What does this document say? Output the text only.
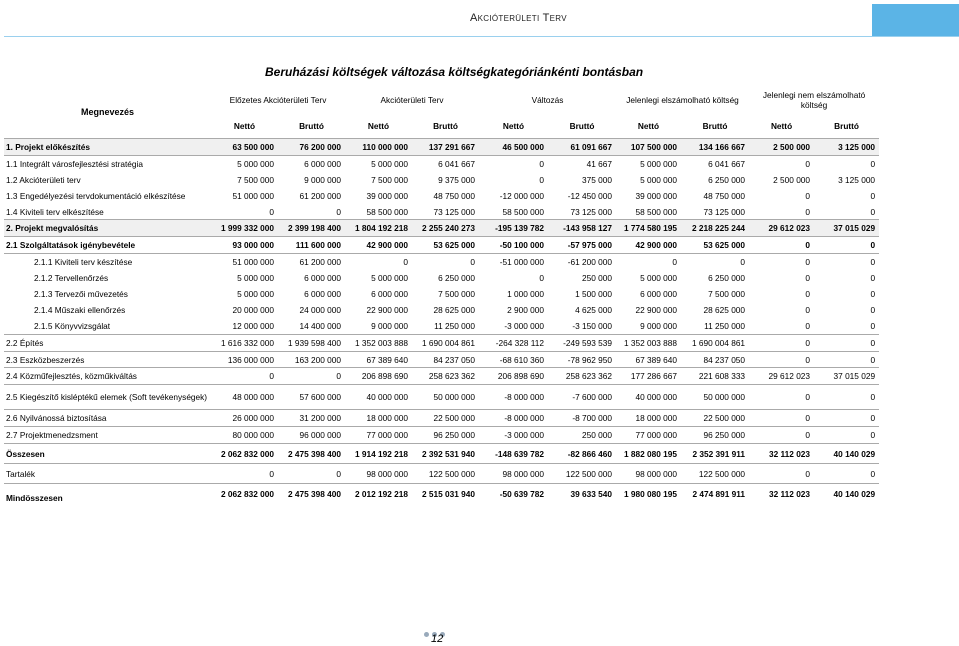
Akcióterületi Terv
Beruházási költségek változása költségkategóriánkénti bontásban
Megnevezés	Előzetes Akcióterületi Terv		Akcióterületi Terv		Változás		Jelenlegi elszámolható költség		Jelenlegi nem elszámolható költség	
	Nettó	Bruttó	Nettó	Bruttó	Nettó	Bruttó	Nettó	Bruttó	Nettó	Bruttó
1. Projekt előkészítés	63 500 000	76 200 000	110 000 000	137 291 667	46 500 000	61 091 667	107 500 000	134 166 667	2 500 000	3 125 000
1.1 Integrált városfejlesztési stratégia	5 000 000	6 000 000	5 000 000	6 041 667	0	41 667	5 000 000	6 041 667	0	0
1.2 Akcióterületi terv	7 500 000	9 000 000	7 500 000	9 375 000	0	375 000	5 000 000	6 250 000	2 500 000	3 125 000
1.3 Engedélyezési tervdokumentáció elkészítése	51 000 000	61 200 000	39 000 000	48 750 000	-12 000 000	-12 450 000	39 000 000	48 750 000	0	0
1.4 Kiviteli terv elkészítése	0	0	58 500 000	73 125 000	58 500 000	73 125 000	58 500 000	73 125 000	0	0
2. Projekt megvalósítás	1 999 332 000	2 399 198 400	1 804 192 218	2 255 240 273	-195 139 782	-143 958 127	1 774 580 195	2 218 225 244	29 612 023	37 015 029
2.1 Szolgáltatások igénybevétele	93 000 000	111 600 000	42 900 000	53 625 000	-50 100 000	-57 975 000	42 900 000	53 625 000	0	0
2.1.1 Kiviteli terv készítése	51 000 000	61 200 000	0	0	-51 000 000	-61 200 000	0	0	0	0
2.1.2 Tervellenőrzés	5 000 000	6 000 000	5 000 000	6 250 000	0	250 000	5 000 000	6 250 000	0	0
2.1.3 Tervezői művezetés	5 000 000	6 000 000	6 000 000	7 500 000	1 000 000	1 500 000	6 000 000	7 500 000	0	0
2.1.4 Műszaki ellenőrzés	20 000 000	24 000 000	22 900 000	28 625 000	2 900 000	4 625 000	22 900 000	28 625 000	0	0
2.1.5 Könyvvizsgálat	12 000 000	14 400 000	9 000 000	11 250 000	-3 000 000	-3 150 000	9 000 000	11 250 000	0	0
2.2 Építés	1 616 332 000	1 939 598 400	1 352 003 888	1 690 004 861	-264 328 112	-249 593 539	1 352 003 888	1 690 004 861	0	0
2.3 Eszközbeszerzés	136 000 000	163 200 000	67 389 640	84 237 050	-68 610 360	-78 962 950	67 389 640	84 237 050	0	0
2.4 Közműfejlesztés, közműkiváltás	0	0	206 898 690	258 623 362	206 898 690	258 623 362	177 286 667	221 608 333	29 612 023	37 015 029
2.5 Kiegészítő kisléptékű elemek (Soft tevékenységek)	48 000 000	57 600 000	40 000 000	50 000 000	-8 000 000	-7 600 000	40 000 000	50 000 000	0	0
2.6 Nyilvánossá biztosítása	26 000 000	31 200 000	18 000 000	22 500 000	-8 000 000	-8 700 000	18 000 000	22 500 000	0	0
2.7 Projektmenedzsment	80 000 000	96 000 000	77 000 000	96 250 000	-3 000 000	250 000	77 000 000	96 250 000	0	0
Összesen	2 062 832 000	2 475 398 400	1 914 192 218	2 392 531 940	-148 639 782	-82 866 460	1 882 080 195	2 352 391 911	32 112 023	40 140 029
Tartalék	0	0	98 000 000	122 500 000	98 000 000	122 500 000	98 000 000	122 500 000	0	0
Mindösszesen	2 062 832 000	2 475 398 400	2 012 192 218	2 515 031 940	-50 639 782	39 633 540	1 980 080 195	2 474 891 911	32 112 023	40 140 029
12
